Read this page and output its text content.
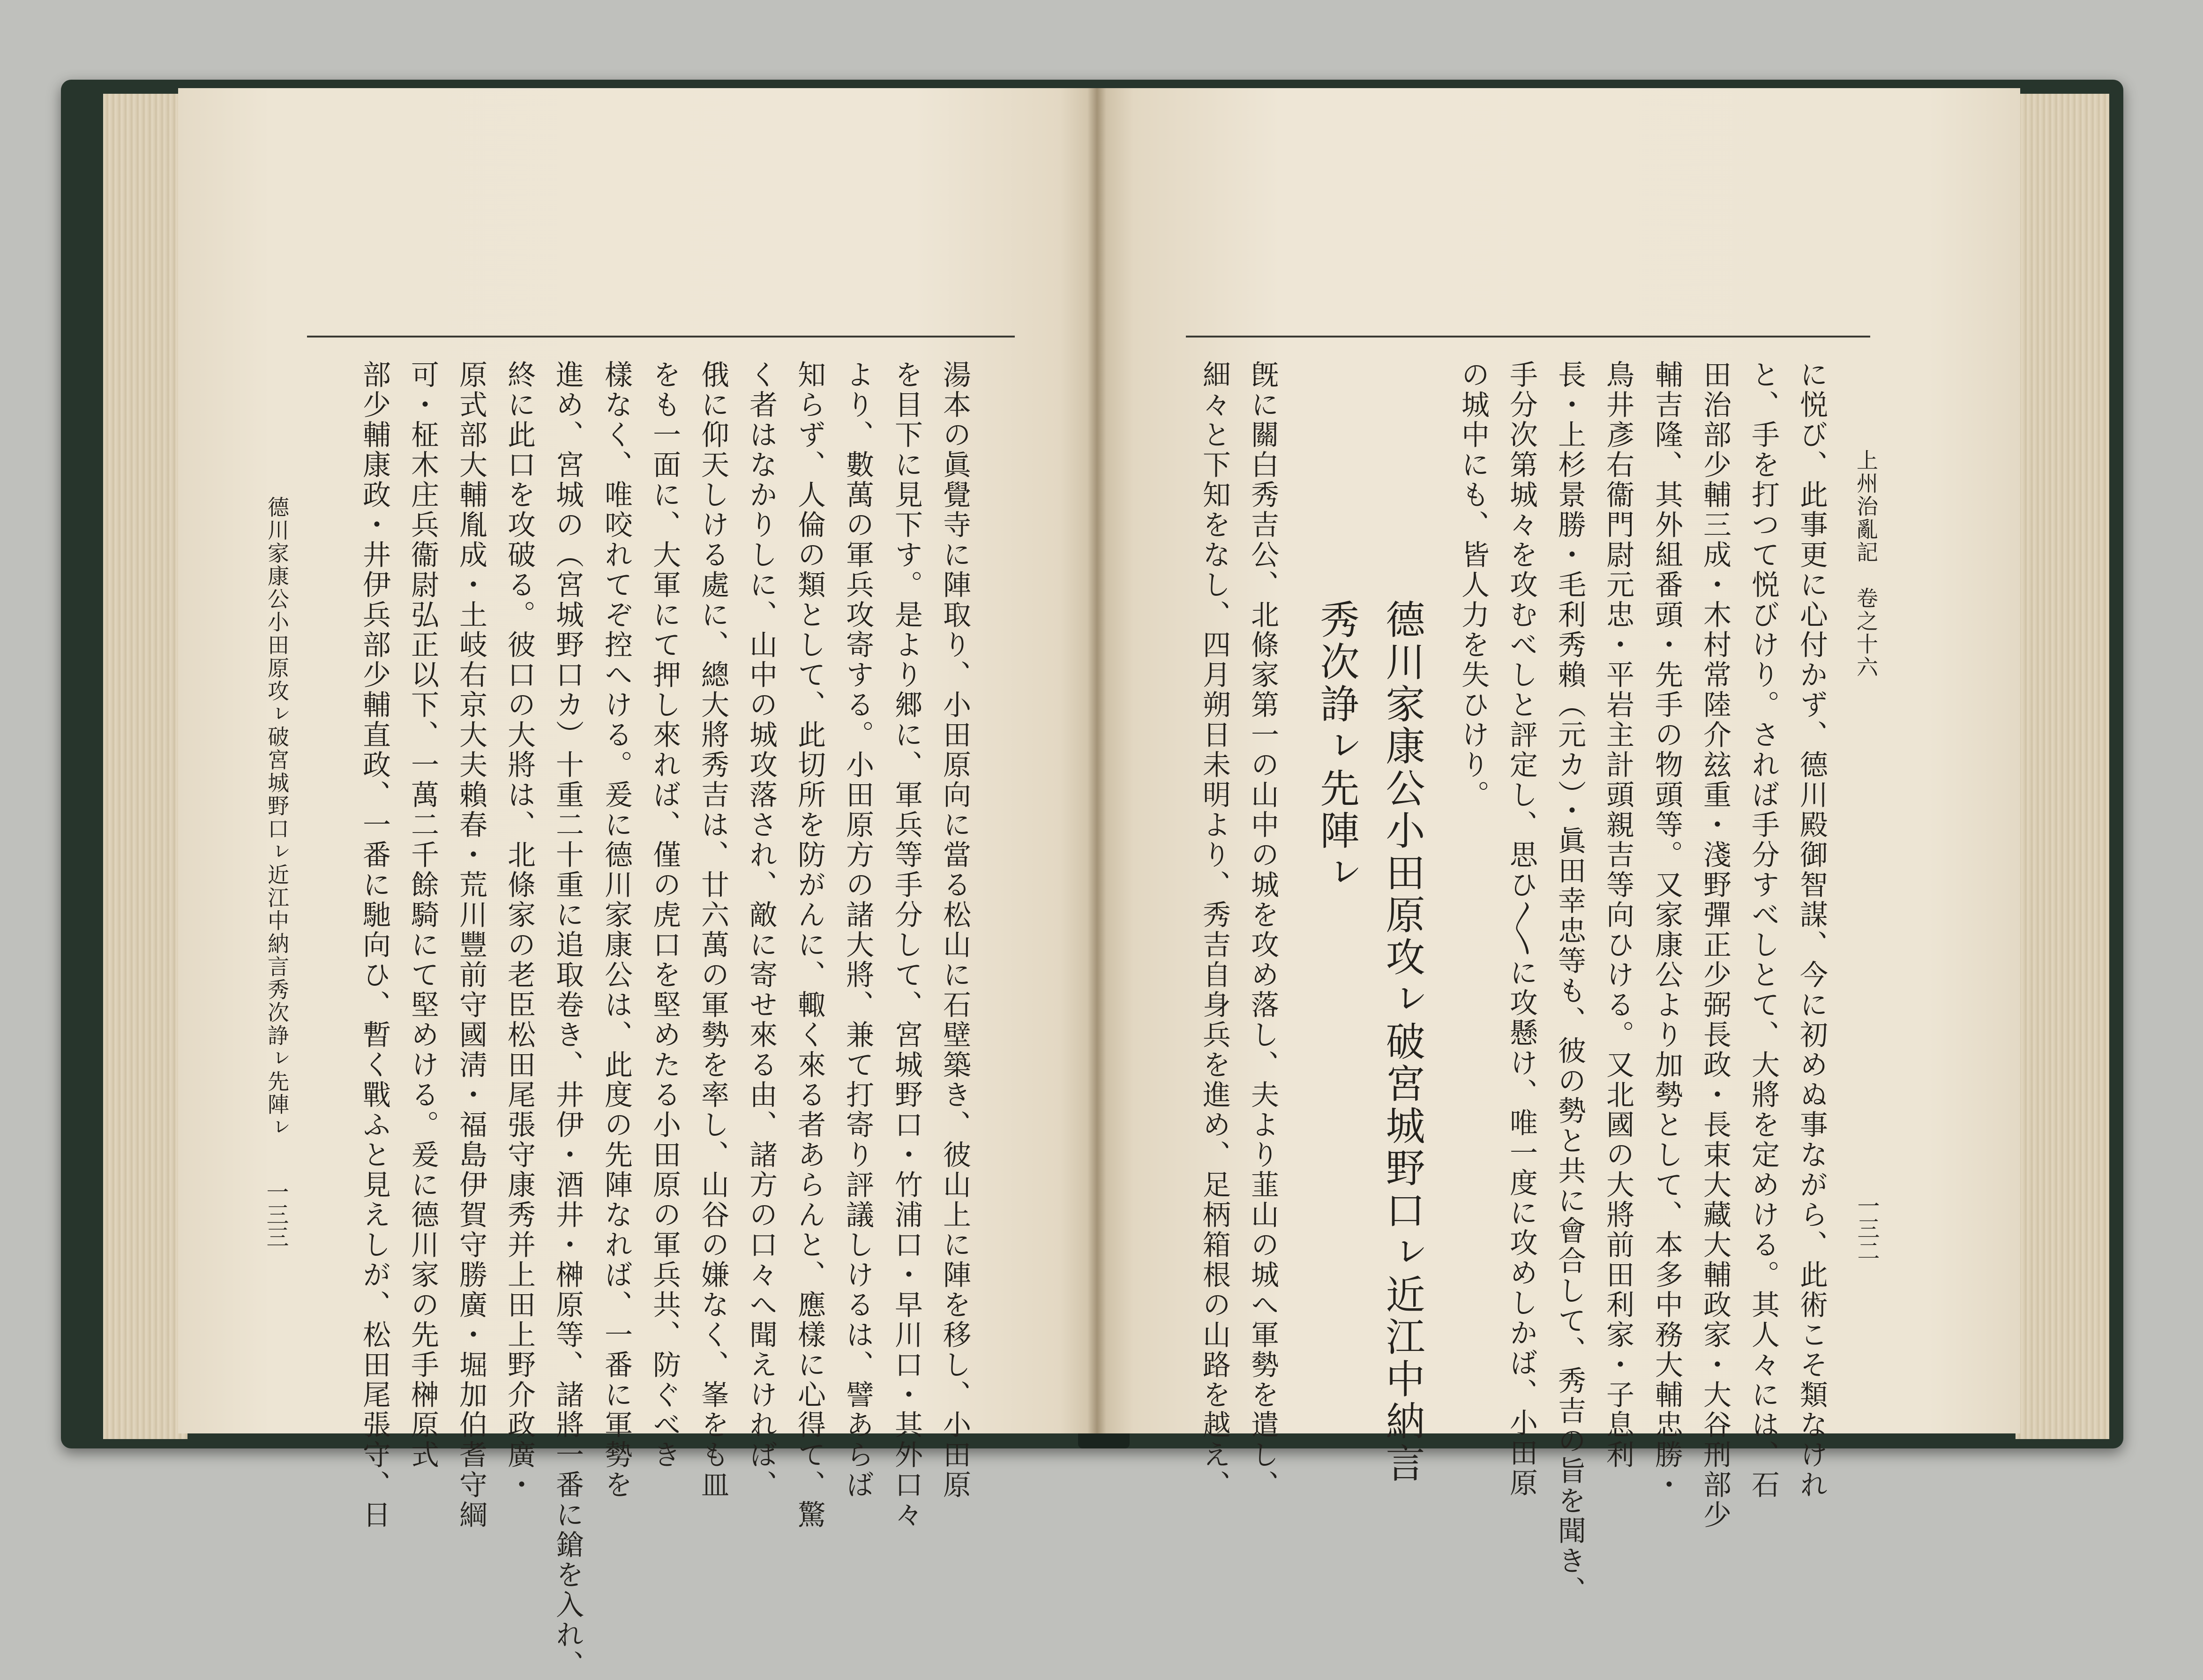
湯本の眞覺寺に陣取り、小田原向に當る松山に石壁築き、彼山上に陣を移し、小田原
を目下に見下す。是より郷に、軍兵等手分して、宮城野口・竹浦口・早川口・其外口々
より、數萬の軍兵攻寄する。小田原方の諸大將、兼て打寄り評議しけるは、譬あらば
知らず、人倫の類として、此切所を防がんに、輙く來る者あらんと、應樣に心得て、驚
く者はなかりしに、山中の城攻落され、敵に寄せ來る由、諸方の口々へ聞えければ、
俄に仰天しける處に、總大將秀吉は、廿六萬の軍勢を率し、山谷の嫌なく、峯をも皿
をも一面に、大軍にて押し來れば、僅の虎口を堅めたる小田原の軍兵共、防ぐべき
樣なく、唯咬れてぞ控へける。爰に德川家康公は、此度の先陣なれば、一番に軍勢を
進め、宮城の（宮城野口カ）十重二十重に追取卷き、井伊・酒井・榊原等、諸將一番に鎗を入れ、
終に此口を攻破る。彼口の大將は、北條家の老臣松田尾張守康秀并上田上野介政廣・
原式部大輔胤成・土岐右京大夫賴春・荒川豐前守國淸・福島伊賀守勝廣・堀加伯耆守綱
可・柾木庄兵衞尉弘正以下、一萬二千餘騎にて堅めける。爰に德川家の先手榊原式
部少輔康政・井伊兵部少輔直政、一番に馳向ひ、暫く戰ふと見えしが、松田尾張守、日
德川家康公小田原攻ㇾ破宮城野口ㇾ近江中納言秀次諍ㇾ先陣ㇾ
一三三
上州治亂記　卷之十六
一三二
に悦び、此事更に心付かず、德川殿御智謀、今に初めぬ事ながら、此術こそ類なけれ
と、手を打つて悦びけり。されば手分すべしとて、大將を定めける。其人々には、石
田治部少輔三成・木村常陸介玆重・淺野彈正少弼長政・長束大藏大輔政家・大谷刑部少
輔吉隆、其外組番頭・先手の物頭等。又家康公より加勢として、本多中務大輔忠勝・
鳥井彥右衞門尉元忠・平岩主計頭親吉等向ひける。又北國の大將前田利家・子息利
長・上杉景勝・毛利秀賴（元カ）・眞田幸忠等も、彼の勢と共に會合して、秀吉の旨を聞き、
手分次第城々を攻むべしと評定し、思ひ〳〵に攻懸け、唯一度に攻めしかば、小田原
の城中にも、皆人力を失ひけり。
德川家康公小田原攻ㇾ破宮城野口ㇾ近江中納言
秀次諍ㇾ先陣ㇾ
旣に關白秀吉公、北條家第一の山中の城を攻め落し、夫より韮山の城へ軍勢を遣し、
細々と下知をなし、四月朔日未明より、秀吉自身兵を進め、足柄箱根の山路を越え、
